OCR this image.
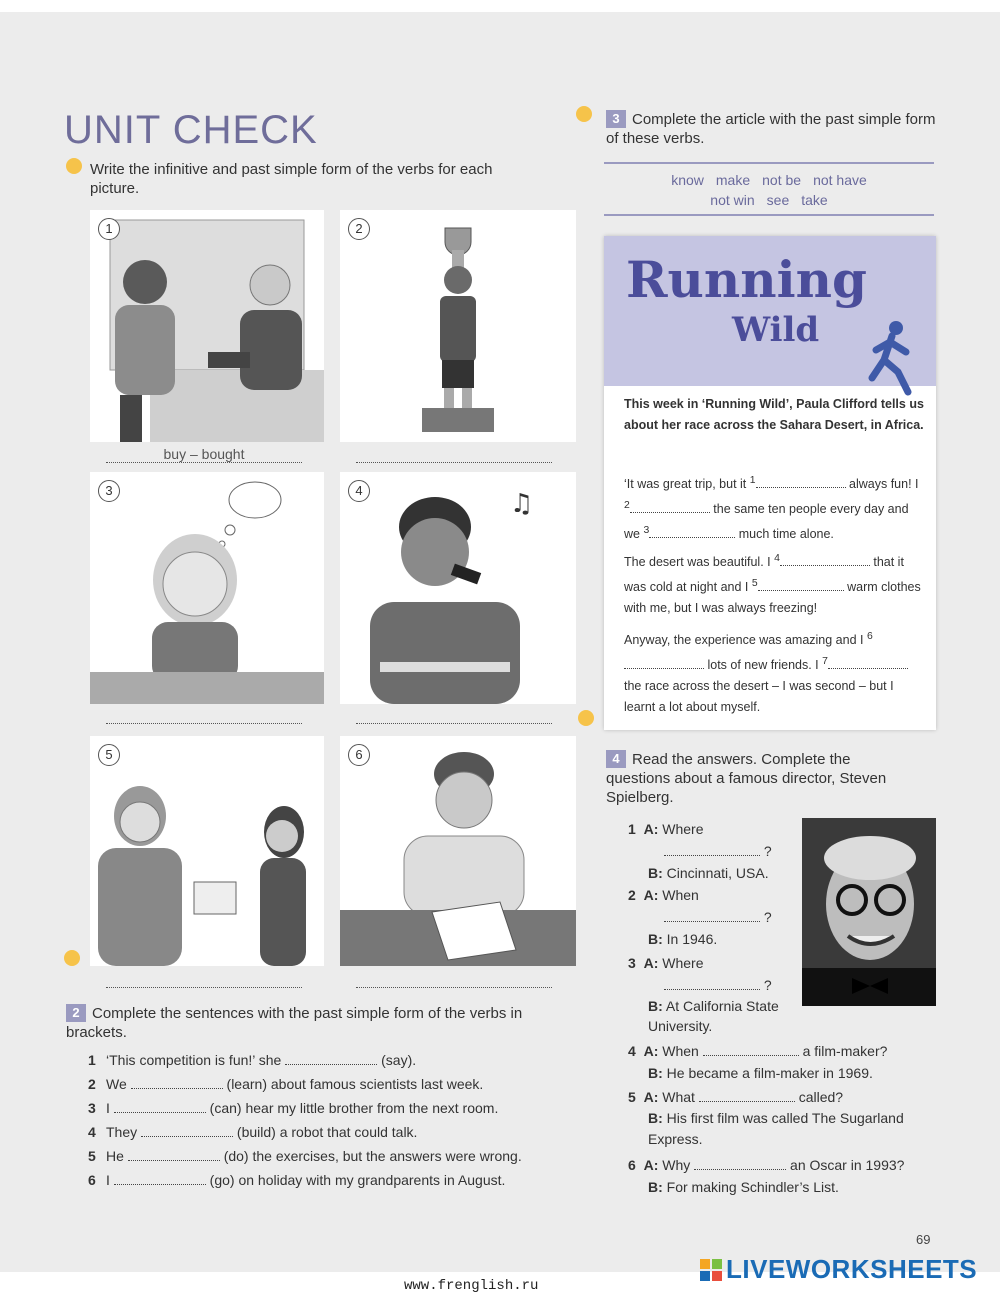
UNIT CHECK
Write the infinitive and past simple form of the verbs for each picture.
1
buy – bought
2
3	4	♫
5	6
2 Complete the sentences with the past simple form of the verbs in brackets.
1 ‘This competition is fun!’ she	(say).
2 We	(learn) about famous scientists last week.
3 I	(can) hear my little brother from the next room.
4 They	(build) a robot that could talk.
5 He	(do) the exercises, but the answers were wrong.
6 I	(go) on holiday with my grandparents in August.
3 Complete the article with the past simple form of these verbs.
know make not be not have
not win see take
Running
Wild

This week in ‘Running Wild’, Paula Clifford tells us about her race across the Sahara Desert, in Africa.

‘It was great trip, but it $^1$	always fun! I $^2$	the same ten people every day and we $^3$	much time alone.

The desert was beautiful. I $^4$	that it was cold at night and I $^5$	warm clothes with me, but I was always freezing!

Anyway, the experience was amazing and I $^6$ lots of new friends. I $^7$ the race across the desert – I was second – but I learnt a lot about myself.

4 Read the answers. Complete the questions about a famous director, Steven Spielberg.
1 A: Where
?
B: Cincinnati, USA.
2 A: When
?
B: In 1946.
3 A: Where
?
B: At California State University.
4 A: When	a film-maker?
B: He became a film-maker in 1969.
5 A: What	called?
B: His first film was called The Sugarland Express.
6 A: Why	an Oscar in 1993?
B: For making Schindler’s List.
69
LIVEWORKSHEETS
www.frenglish.ru
